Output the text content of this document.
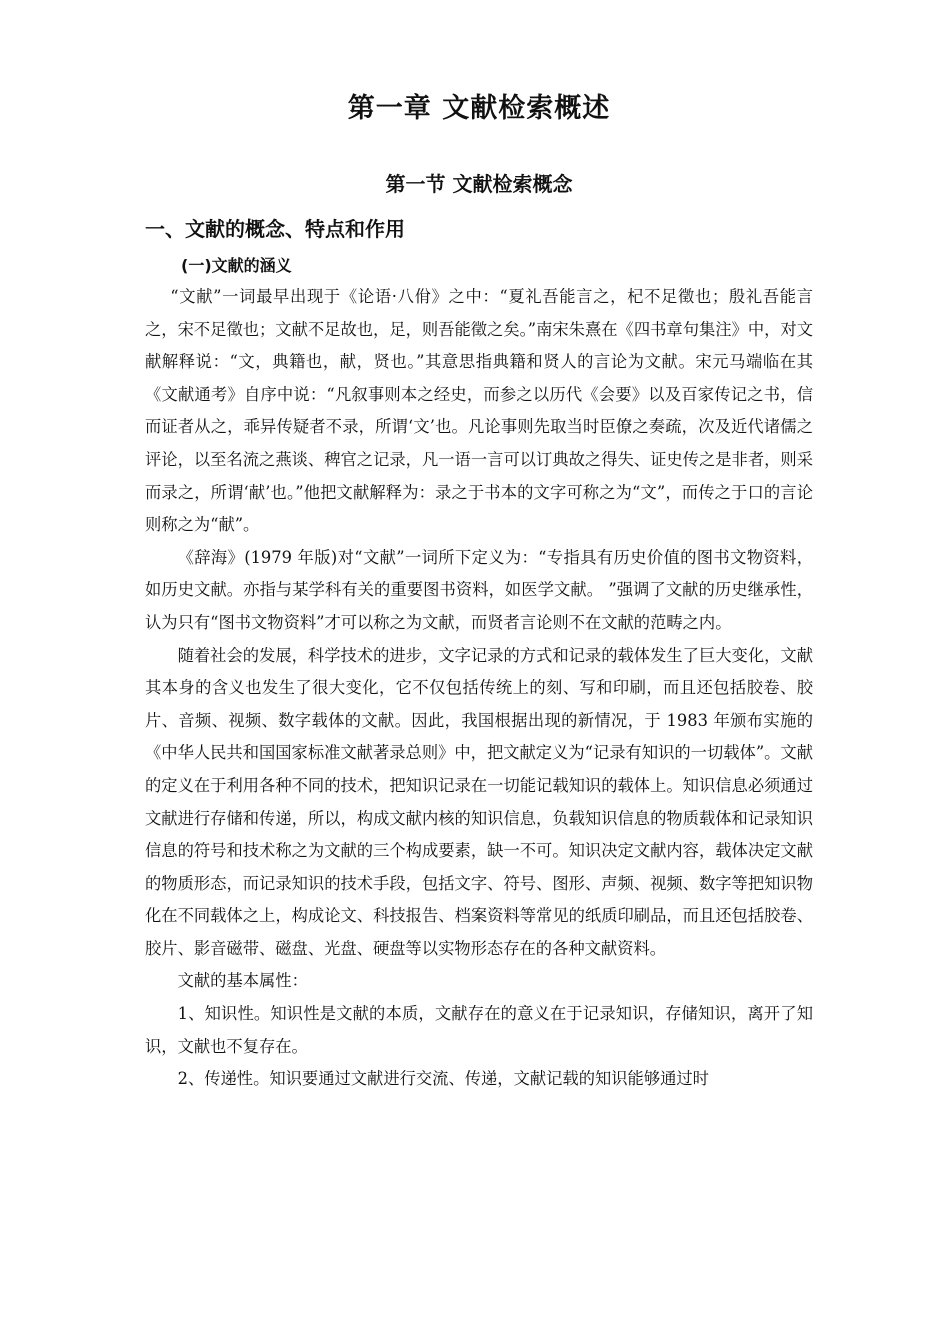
第一章 文献检索概述
第一节 文献检索概念
一、文献的概念、特点和作用
(一)文献的涵义

“文献”一词最早出现于《论语·八佾》之中：“夏礼吾能言之，杞不足徵也；殷礼吾能言之，宋不足徵也；文献不足故也，足，则吾能徵之矣。”南宋朱熹在《四书章句集注》中，对文献解释说：“文，典籍也，献，贤也。”其意思指典籍和贤人的言论为文献。宋元马端临在其《文献通考》自序中说：“凡叙事则本之经史，而参之以历代《会要》以及百家传记之书，信而证者从之，乖异传疑者不录，所谓‘文’也。凡论事则先取当时臣僚之奏疏，次及近代诸儒之评论，以至名流之燕谈、稗官之记录，凡一语一言可以订典故之得失、证史传之是非者，则采而录之，所谓‘献’也。”他把文献解释为：录之于书本的文字可称之为“文”，而传之于口的言论则称之为“献”。

《辞海》(1979 年版)对“文献”一词所下定义为：“专指具有历史价值的图书文物资料，如历史文献。亦指与某学科有关的重要图书资料，如医学文献。 ”强调了文献的历史继承性，认为只有“图书文物资料”才可以称之为文献，而贤者言论则不在文献的范畴之内。

随着社会的发展，科学技术的进步，文字记录的方式和记录的载体发生了巨大变化，文献其本身的含义也发生了很大变化，它不仅包括传统上的刻、写和印刷，而且还包括胶卷、胶片、音频、视频、数字载体的文献。因此，我国根据出现的新情况，于 1983 年颁布实施的《中华人民共和国国家标准文献著录总则》中，把文献定义为“记录有知识的一切载体”。文献的定义在于利用各种不同的技术，把知识记录在一切能记载知识的载体上。知识信息必须通过文献进行存储和传递，所以，构成文献内核的知识信息，负载知识信息的物质载体和记录知识信息的符号和技术称之为文献的三个构成要素，缺一不可。知识决定文献内容，载体决定文献的物质形态，而记录知识的技术手段，包括文字、符号、图形、声频、视频、数字等把知识物化在不同载体之上，构成论文、科技报告、档案资料等常见的纸质印刷品，而且还包括胶卷、胶片、影音磁带、磁盘、光盘、硬盘等以实物形态存在的各种文献资料。

文献的基本属性：

1、知识性。知识性是文献的本质，文献存在的意义在于记录知识，存储知识，离开了知识，文献也不复存在。

2、传递性。知识要通过文献进行交流、传递，文献记载的知识能够通过时
